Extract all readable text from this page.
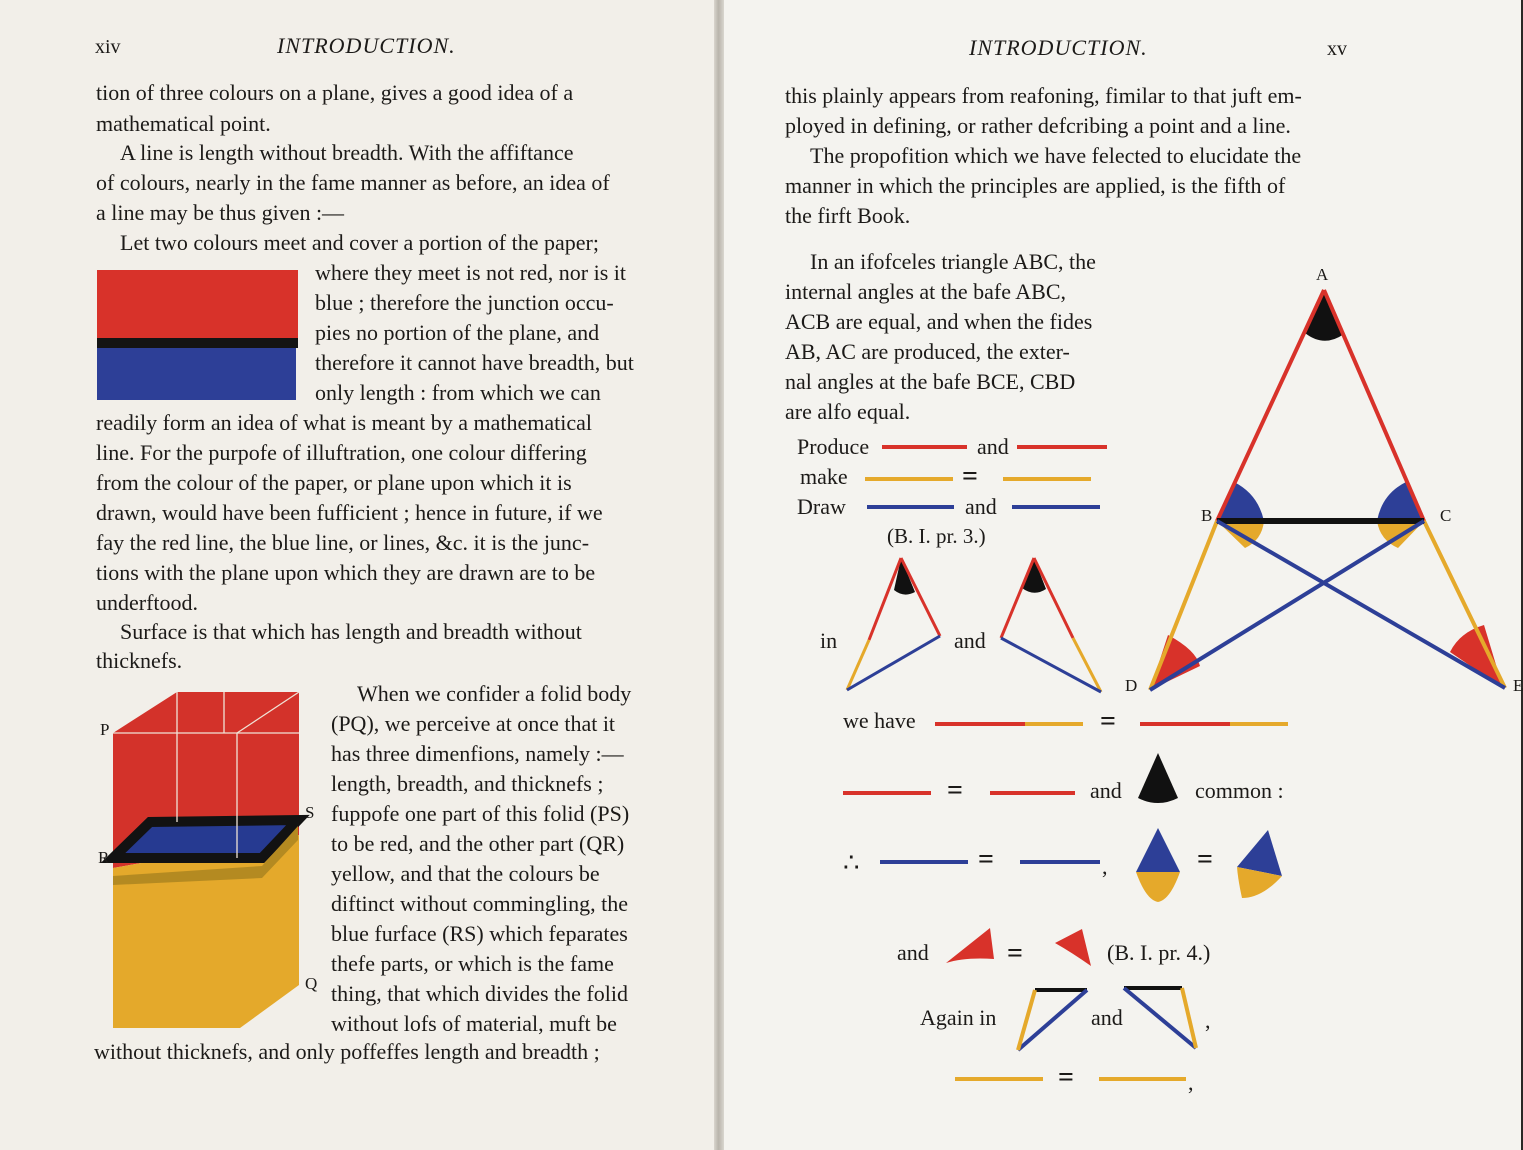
xiv	INTRODUCTION.
tion of three colours on a plane, gives a good idea of a
mathematical point.
A line is length without breadth. With the affiftance
of colours, nearly in the fame manner as before, an idea of
a line may be thus given :—
Let two colours meet and cover a portion of the paper;
where they meet is not red, nor is it
blue ; therefore the junction occu-
pies no portion of the plane, and
therefore it cannot have breadth, but
only length : from which we can
readily form an idea of what is meant by a mathematical
line. For the purpofe of illuftration, one colour differing
from the colour of the paper, or plane upon which it is
drawn, would have been fufficient ; hence in future, if we
fay the red line, the blue line, or lines, &c. it is the junc-
tions with the plane upon which they are drawn are to be
underftood.
Surface is that which has length and breadth without
thicknefs.
When we confider a folid body
(PQ), we perceive at once that it
has three dimenfions, namely :—
length, breadth, and thicknefs ;
fuppofe one part of this folid (PS)
to be red, and the other part (QR)
yellow, and that the colours be
diftinct without commingling, the
blue furface (RS) which feparates
thefe parts, or which is the fame
thing, that which divides the folid
without lofs of material, muft be
without thicknefs, and only poffeffes length and breadth ;
P
R
S
Q
INTRODUCTION.	xv
this plainly appears from reafoning, fimilar to that juft em-
ployed in defining, or rather defcribing a point and a line.
The propofition which we have felected to elucidate the
manner in which the principles are applied, is the fifth of
the firft Book.
In an ifofceles triangle ABC, the
internal angles at the bafe ABC,
ACB are equal, and when the fides
AB, AC are produced, the exter-
nal angles at the bafe BCE, CBD
are alfo equal.
Produce	and
make	=
Draw	and
(B. I. pr. 3.)
in	and
A
B	C
D	E
we have	=
=	and	common :
∴	=	,	=
and	=	(B. I. pr. 4.)
Again in	and	,
=	,
